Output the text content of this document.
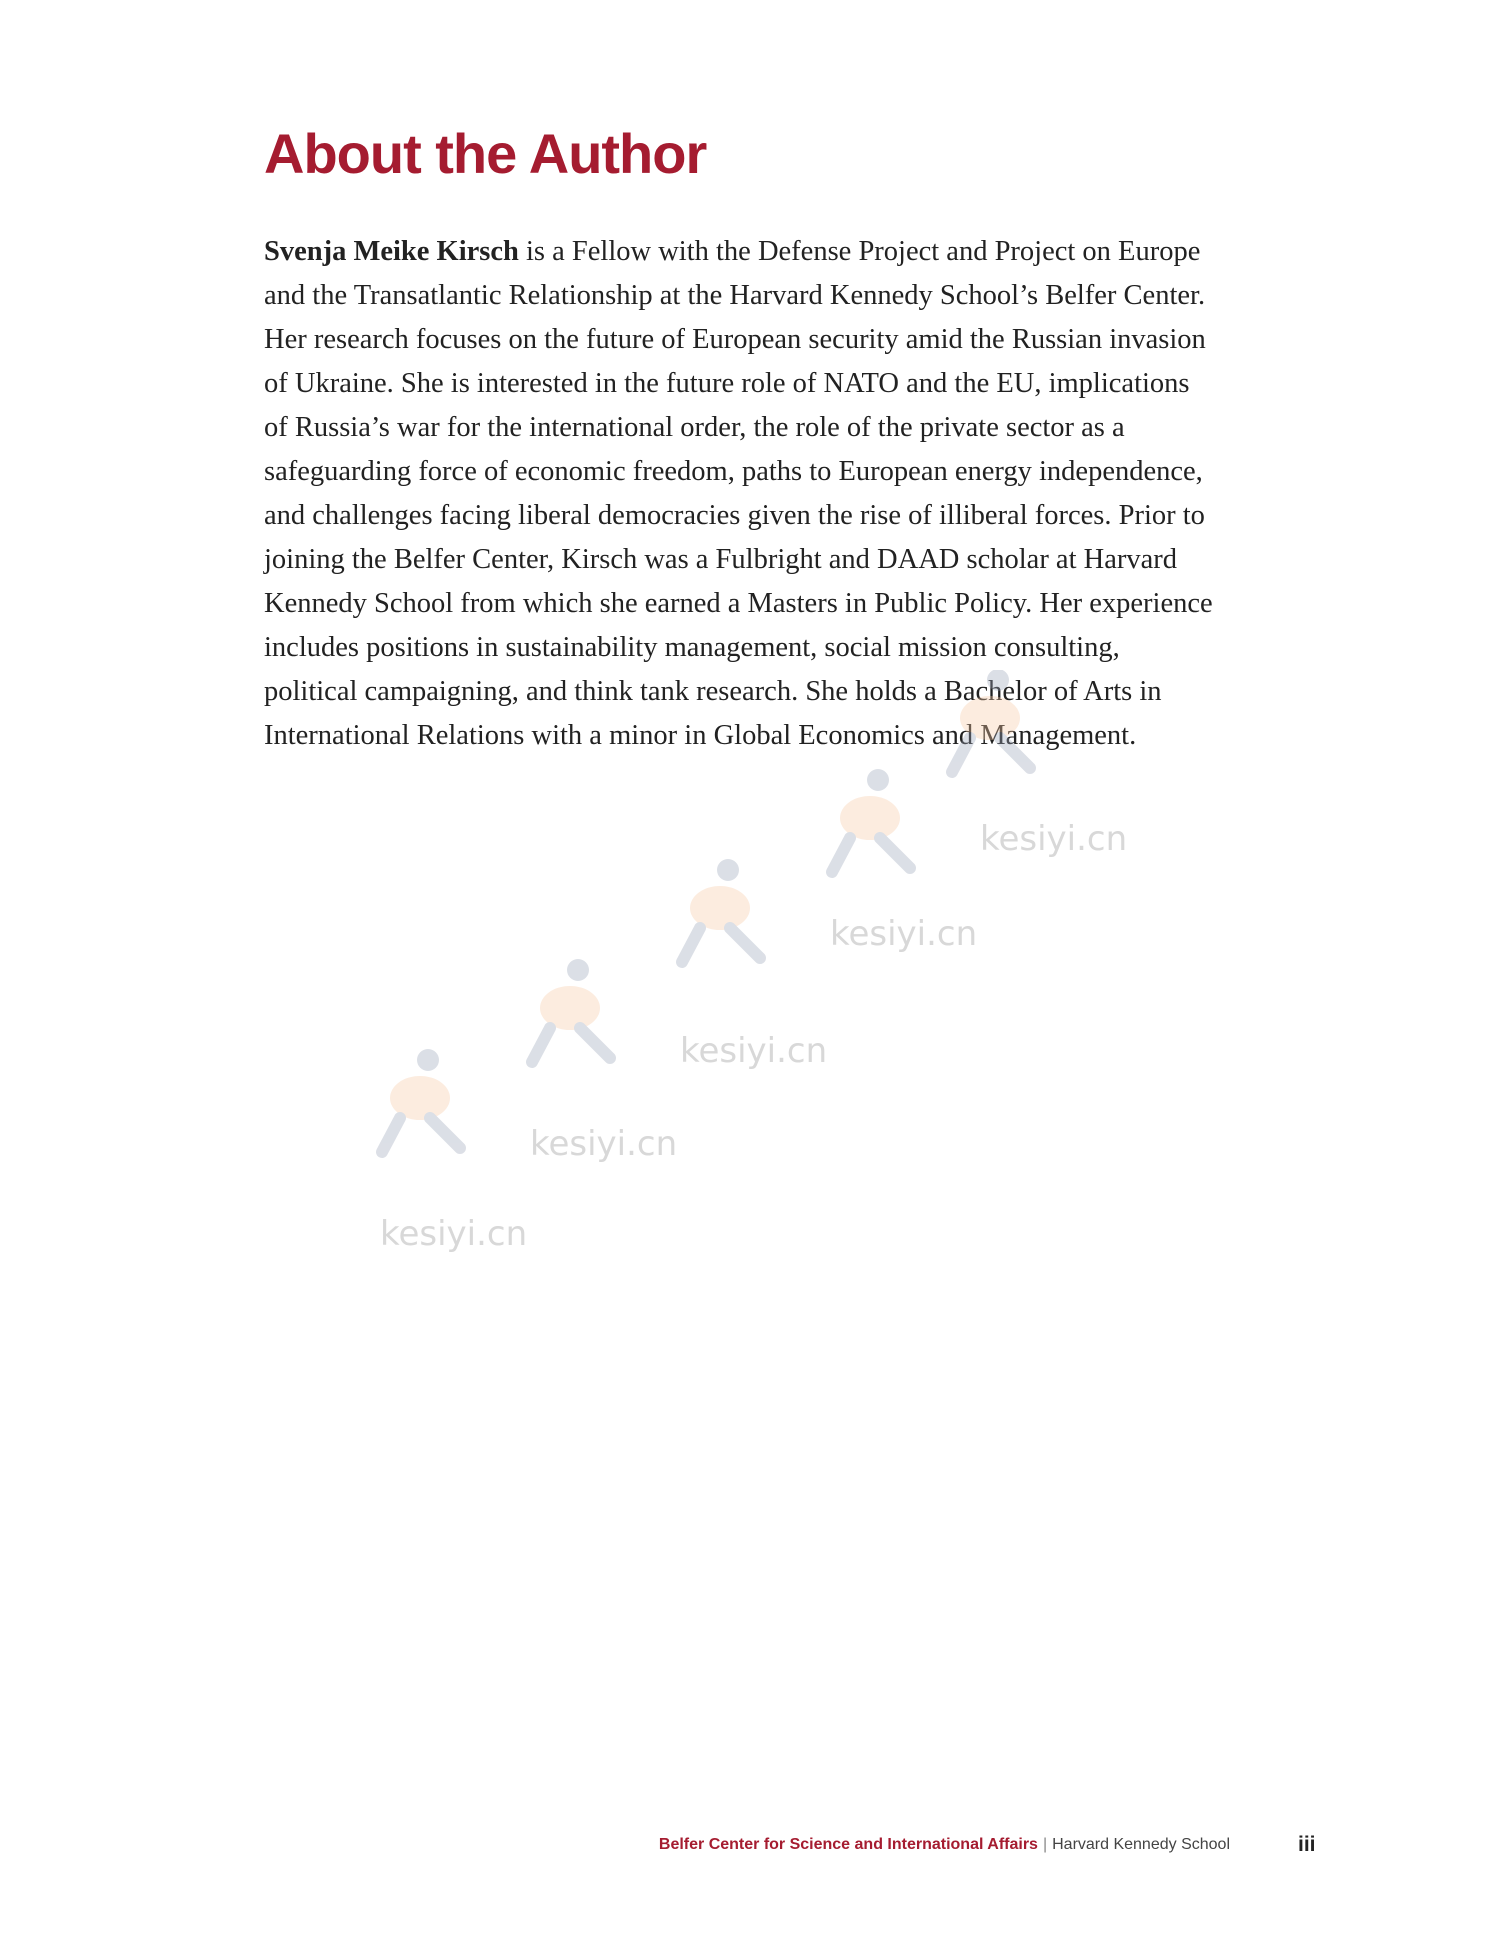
About the Author
Svenja Meike Kirsch is a Fellow with the Defense Project and Project on Europe
and the Transatlantic Relationship at the Harvard Kennedy School’s Belfer Center.
Her research focuses on the future of European security amid the Russian invasion
of Ukraine. She is interested in the future role of NATO and the EU, implications
of Russia’s war for the international order, the role of the private sector as a
safeguarding force of economic freedom, paths to European energy independence,
and challenges facing liberal democracies given the rise of illiberal forces. Prior to
joining the Belfer Center, Kirsch was a Fulbright and DAAD scholar at Harvard
Kennedy School from which she earned a Masters in Public Policy. Her experience
includes positions in sustainability management, social mission consulting,
political campaigning, and think tank research. She holds a Bachelor of Arts in
International Relations with a minor in Global Economics and Management.
kesiyi.cn
kesiyi.cn
kesiyi.cn
kesiyi.cn
kesiyi.cn
Belfer Center for Science and International Affairs | Harvard Kennedy School	iii
